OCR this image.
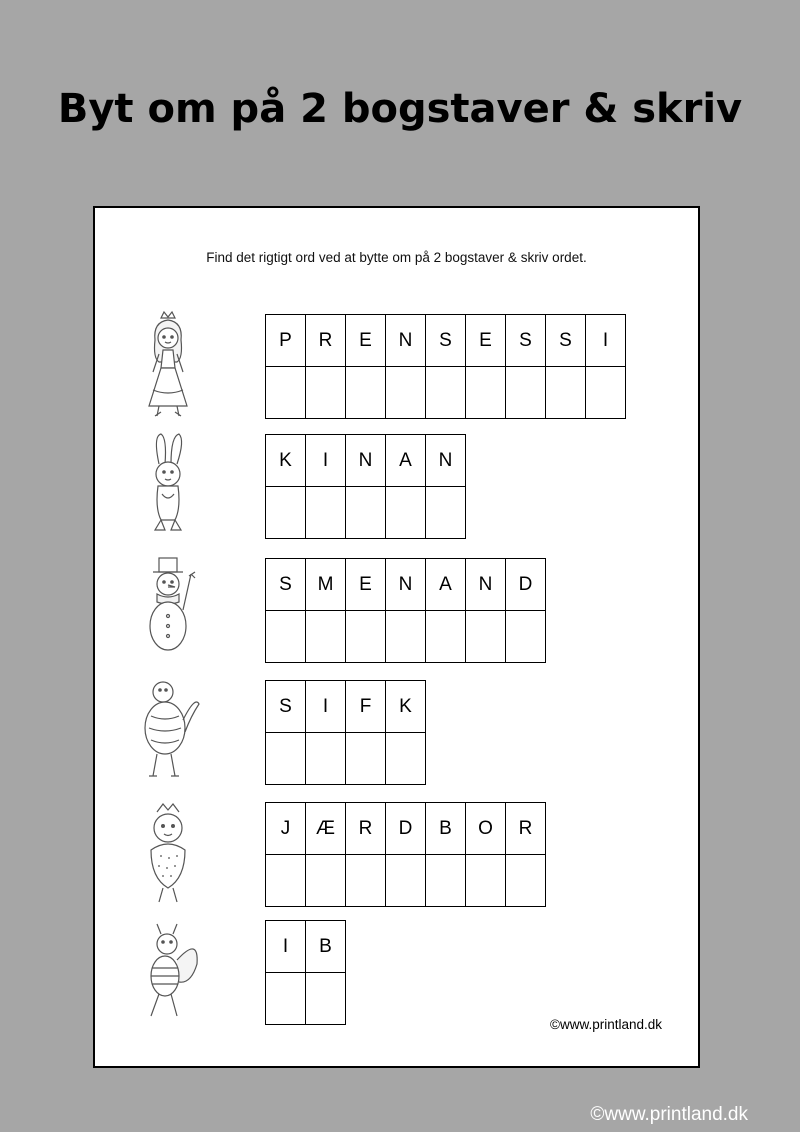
Byt om på 2 bogstaver & skriv
Find det rigtigt ord ved at bytte om på 2 bogstaver & skriv ordet.
P	R	E	N	S	E	S	S	I

K	I	N	A	N

S	M	E	N	A	N	D

S	I	F	K

J	Æ	R	D	B	O	R

I	B

©www.printland.dk
©www.printland.dk
